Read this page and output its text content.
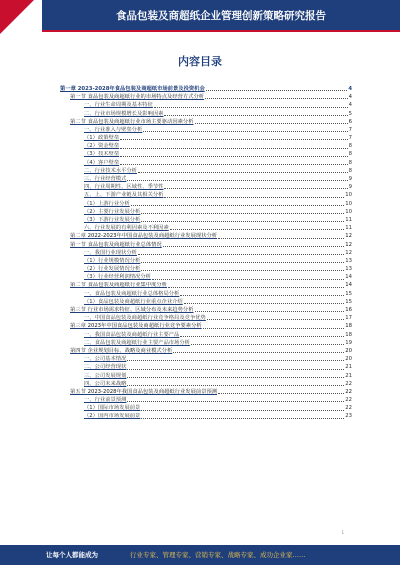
食品包装及商超纸企业管理创新策略研究报告
内容目录
第一章 2023-2028年食品包装及商超纸市场前景及投资机会	4
第一节 食品包装及商超纸行业的市场特点及经营方式分析	4
一、行业生命周期及基本特征	4
二、行业市场规模增长及影响因素	5
第二节 食品包装及商超纸行业市场主要驱动因素分析	6
一、行业准入与壁垒分析	7
（1）政策壁垒	7
（2）资金壁垒	8
（3）技术壁垒	8
（4）客户壁垒	8
二、行业技术水平分析	8
三、行业经营模式	9
四、行业周期性、区域性、季节性	9
五、上、下游产业链及其相关分析	10
（1）上游行业分析	10
（2）主要行业发展分析	10
（3）下游行业发展分析	11
六、行业发展的有利因素及不利因素	11
第二章 2022-2023年中国食品包装及商超纸行业发展现状分析	12
第一节 食品包装及商超纸行业总体情况	12
一、我国行业现状分析	12
（1）行业规模情况分析	13
（2）行业发展情况分析	13
（3）行业经营利润情况分析	14
第二节 食品包装及商超纸行业集中度分析	14
一、食品包装及商超纸行业总体格局分析	15
（1）食品包装及商超纸行业重点企业介绍	15
第三节 行业市场需求特征、区域分布及未来趋势分析	16
一、中国食品包装及商超纸行业竞争格局及竞争优势	17
第三章 2023年中国食品包装及商超纸行业竞争要素分析	18
一、我国食品包装及商超纸行业主要产品	18
二、食品包装及商超纸行业主要产品市场分析	19
第四节 企业规划目标、战略及商业模式分析	20
一、公司基本情况	20
二、公司经营现状	21
三、公司发展规划	21
四、公司未来战略	22
第五节 2023-2028年我国食品包装及商超纸行业发展前景预测	22
一、行业前景预测	22
（1）国际市场发展前景	22
（2）国内市场发展前景	23
1
让每个人都能成为	行业专家、管理专家、营销专家、战略专家、成功企业家……
